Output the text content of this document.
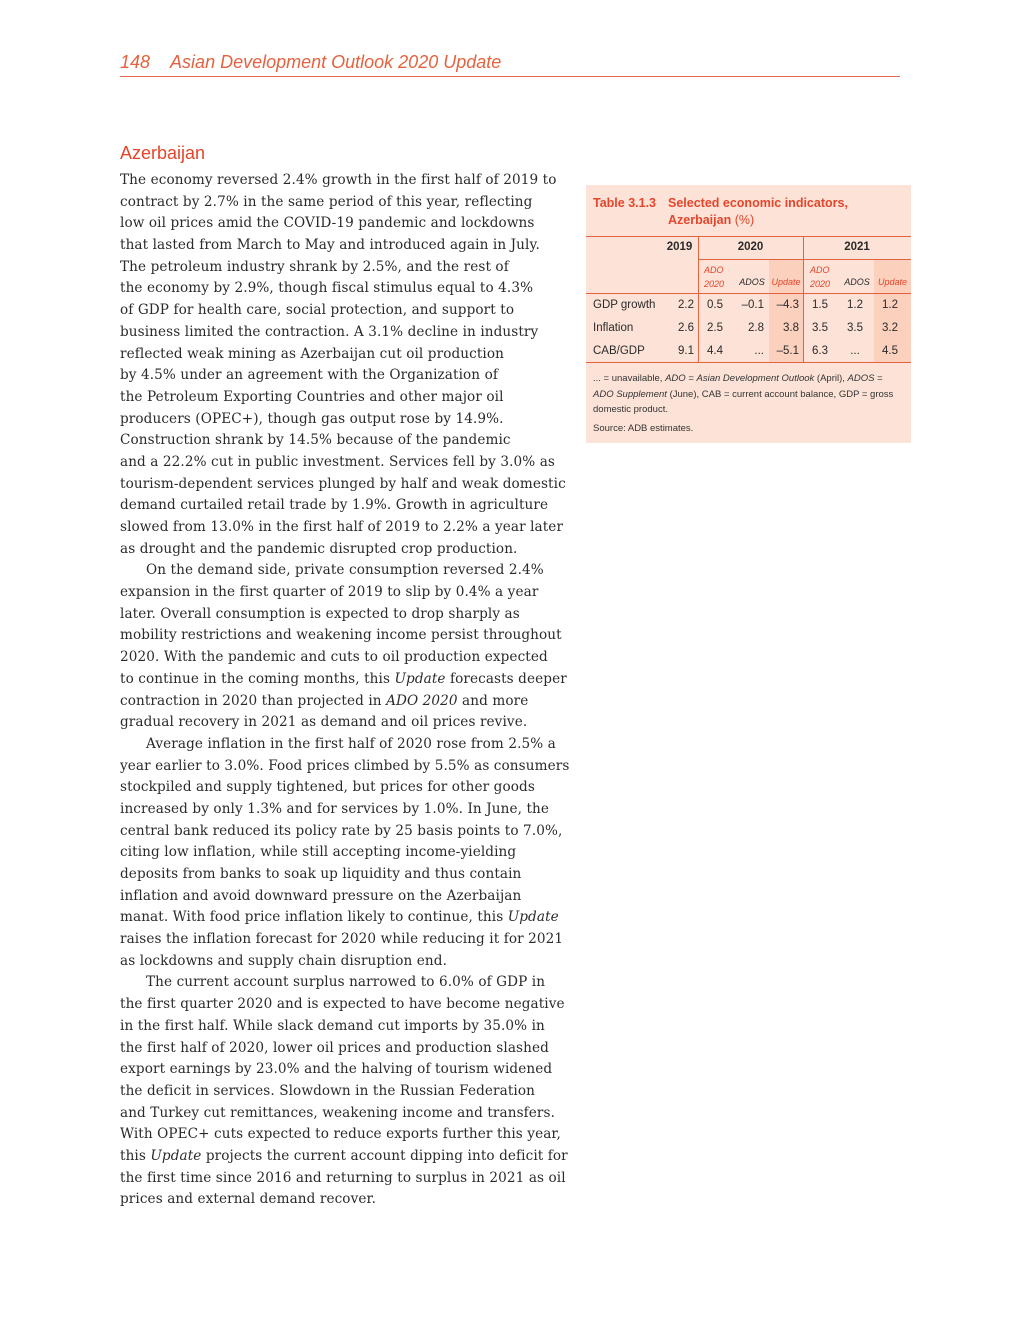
148 Asian Development Outlook 2020 Update
Azerbaijan
The economy reversed 2.4% growth in the first half of 2019 to
contract by 2.7% in the same period of this year, reflecting
low oil prices amid the COVID-19 pandemic and lockdowns
that lasted from March to May and introduced again in July.
The petroleum industry shrank by 2.5%, and the rest of
the economy by 2.9%, though fiscal stimulus equal to 4.3%
of GDP for health care, social protection, and support to
business limited the contraction. A 3.1% decline in industry
reflected weak mining as Azerbaijan cut oil production
by 4.5% under an agreement with the Organization of
the Petroleum Exporting Countries and other major oil
producers (OPEC+), though gas output rose by 14.9%.
Construction shrank by 14.5% because of the pandemic
and a 22.2% cut in public investment. Services fell by 3.0% as
tourism-dependent services plunged by half and weak domestic
demand curtailed retail trade by 1.9%. Growth in agriculture
slowed from 13.0% in the first half of 2019 to 2.2% a year later
as drought and the pandemic disrupted crop production.
On the demand side, private consumption reversed 2.4%
expansion in the first quarter of 2019 to slip by 0.4% a year
later. Overall consumption is expected to drop sharply as
mobility restrictions and weakening income persist throughout
2020. With the pandemic and cuts to oil production expected
to continue in the coming months, this Update forecasts deeper
contraction in 2020 than projected in ADO 2020 and more
gradual recovery in 2021 as demand and oil prices revive.
Average inflation in the first half of 2020 rose from 2.5% a
year earlier to 3.0%. Food prices climbed by 5.5% as consumers
stockpiled and supply tightened, but prices for other goods
increased by only 1.3% and for services by 1.0%. In June, the
central bank reduced its policy rate by 25 basis points to 7.0%,
citing low inflation, while still accepting income-yielding
deposits from banks to soak up liquidity and thus contain
inflation and avoid downward pressure on the Azerbaijan
manat. With food price inflation likely to continue, this Update
raises the inflation forecast for 2020 while reducing it for 2021
as lockdowns and supply chain disruption end.
The current account surplus narrowed to 6.0% of GDP in
the first quarter 2020 and is expected to have become negative
in the first half. While slack demand cut imports by 35.0% in
the first half of 2020, lower oil prices and production slashed
export earnings by 23.0% and the halving of tourism widened
the deficit in services. Slowdown in the Russian Federation
and Turkey cut remittances, weakening income and transfers.
With OPEC+ cuts expected to reduce exports further this year,
this Update projects the current account dipping into deficit for
the first time since 2016 and returning to surplus in 2021 as oil
prices and external demand recover.
Table 3.1.3 Selected economic indicators,
Azerbaijan (%)
2019	2020	2021
ADO
2020	ADOS Update
ADO
2020	ADOS Update
GDP growth	2.2	0.5	–0.1	–4.3	1.5	1.2	1.2
Inflation	2.6	2.5	2.8	3.8	3.5	3.5	3.2
CAB/GDP	9.1	4.4	...	–5.1	6.3	...	4.5
... = unavailable, ADO = Asian Development Outlook (April), ADOS = ADO Supplement (June), CAB = current account balance, GDP = gross domestic product.
Source: ADB estimates.
